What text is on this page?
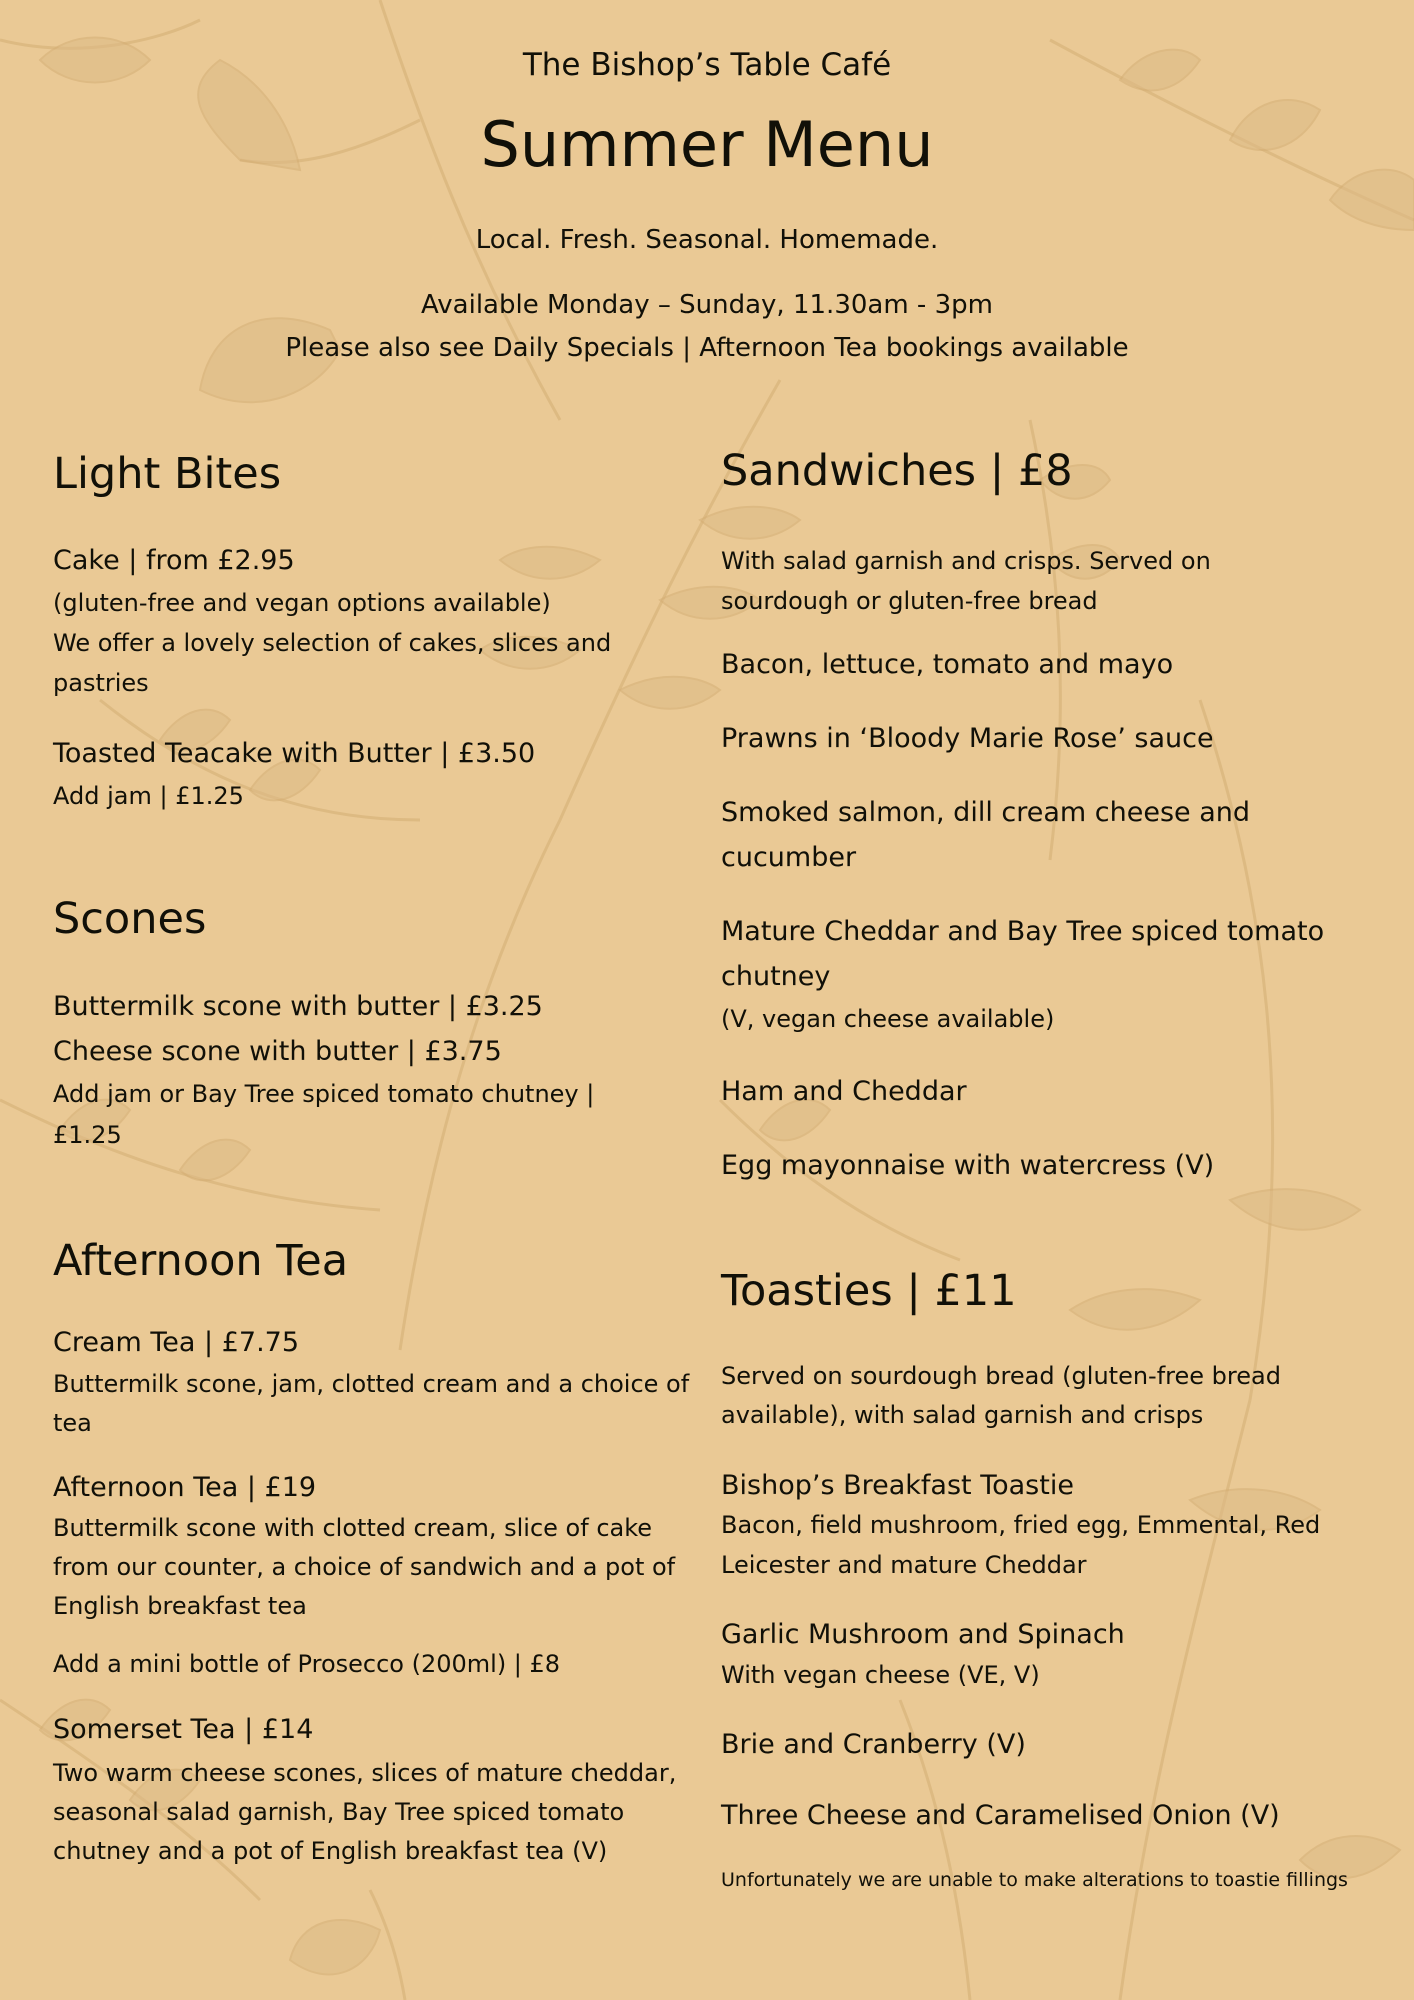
The Bishop’s Table Café
Summer Menu
Local. Fresh. Seasonal. Homemade.
Available Monday – Sunday, 11.30am - 3pm
Please also see Daily Specials | Afternoon Tea bookings available
Light Bites
Cake | from £2.95
(gluten-free and vegan options available)
We offer a lovely selection of cakes, slices and
pastries
Toasted Teacake with Butter | £3.50
Add jam | £1.25
Scones
Buttermilk scone with butter | £3.25
Cheese scone with butter | £3.75
Add jam or Bay Tree spiced tomato chutney |
£1.25
Afternoon Tea
Cream Tea | £7.75
Buttermilk scone, jam, clotted cream and a choice of
tea
Afternoon Tea | £19
Buttermilk scone with clotted cream, slice of cake
from our counter, a choice of sandwich and a pot of
English breakfast tea
Add a mini bottle of Prosecco (200ml) | £8
Somerset Tea | £14
Two warm cheese scones, slices of mature cheddar,
seasonal salad garnish, Bay Tree spiced tomato
chutney and a pot of English breakfast tea (V)
Sandwiches | £8
With salad garnish and crisps. Served on
sourdough or gluten-free bread
Bacon, lettuce, tomato and mayo
Prawns in ‘Bloody Marie Rose’ sauce
Smoked salmon, dill cream cheese and
cucumber
Mature Cheddar and Bay Tree spiced tomato
chutney
(V, vegan cheese available)
Ham and Cheddar
Egg mayonnaise with watercress (V)
Toasties | £11
Served on sourdough bread (gluten-free bread
available), with salad garnish and crisps
Bishop’s Breakfast Toastie
Bacon, field mushroom, fried egg, Emmental, Red
Leicester and mature Cheddar
Garlic Mushroom and Spinach
With vegan cheese (VE, V)
Brie and Cranberry (V)
Three Cheese and Caramelised Onion (V)
Unfortunately we are unable to make alterations to toastie fillings
